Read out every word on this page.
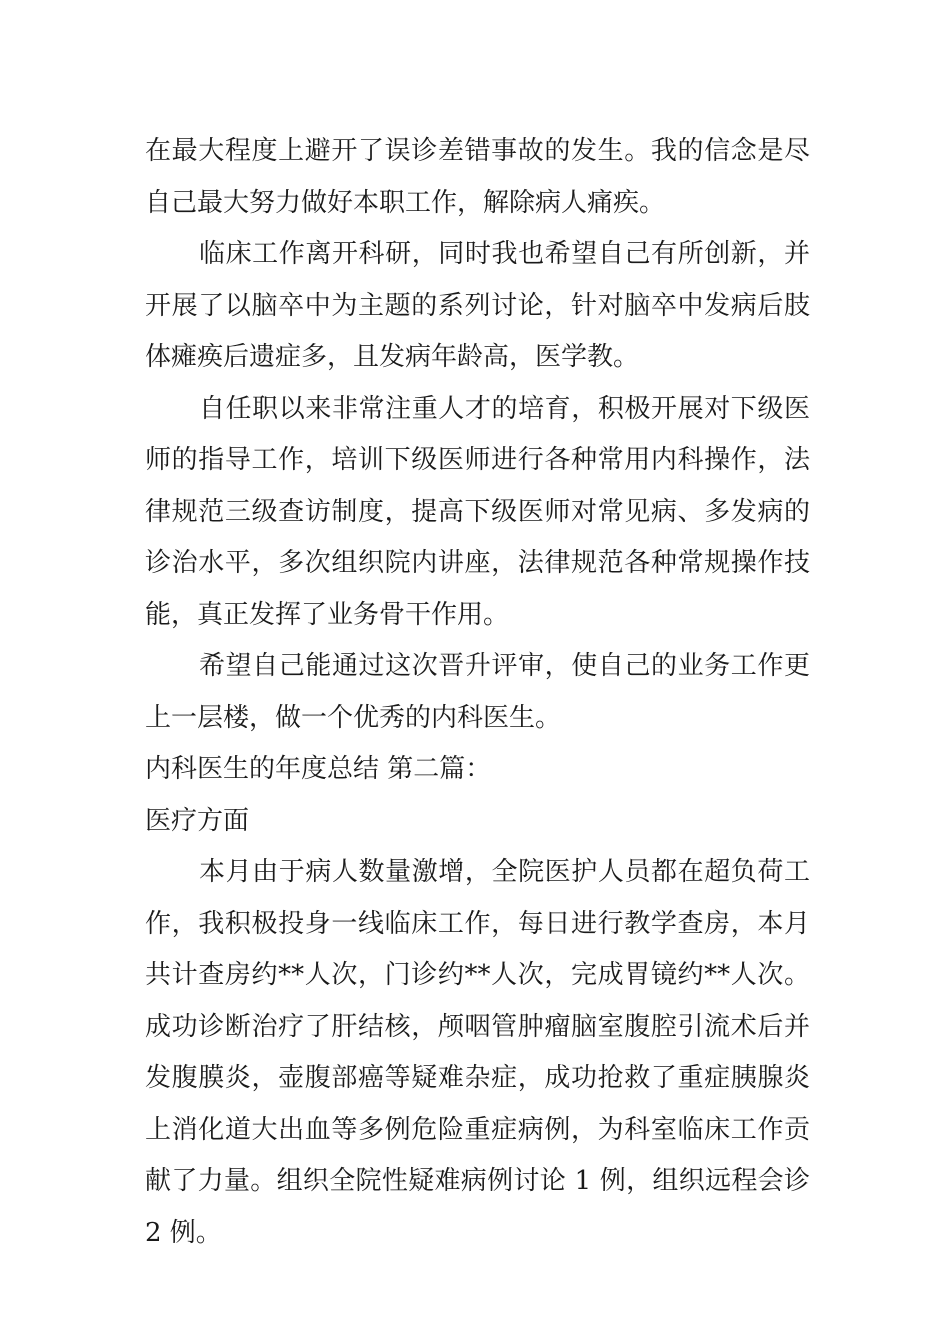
在最大程度上避开了误诊差错事故的发生。我的信念是尽自己最大努力做好本职工作，解除病人痛疾。

临床工作离开科研，同时我也希望自己有所创新，并开展了以脑卒中为主题的系列讨论，针对脑卒中发病后肢体瘫痪后遗症多，且发病年龄高，医学教。

自任职以来非常注重人才的培育，积极开展对下级医师的指导工作，培训下级医师进行各种常用内科操作，法律规范三级查访制度，提高下级医师对常见病、多发病的诊治水平，多次组织院内讲座，法律规范各种常规操作技能，真正发挥了业务骨干作用。

希望自己能通过这次晋升评审，使自己的业务工作更上一层楼，做一个优秀的内科医生。

内科医生的年度总结 第二篇：

医疗方面

本月由于病人数量激增，全院医护人员都在超负荷工作，我积极投身一线临床工作，每日进行教学查房，本月共计查房约**人次，门诊约**人次，完成胃镜约**人次。成功诊断治疗了肝结核，颅咽管肿瘤脑室腹腔引流术后并发腹膜炎，壶腹部癌等疑难杂症，成功抢救了重症胰腺炎上消化道大出血等多例危险重症病例，为科室临床工作贡献了力量。组织全院性疑难病例讨论 1 例，组织远程会诊 2 例。
